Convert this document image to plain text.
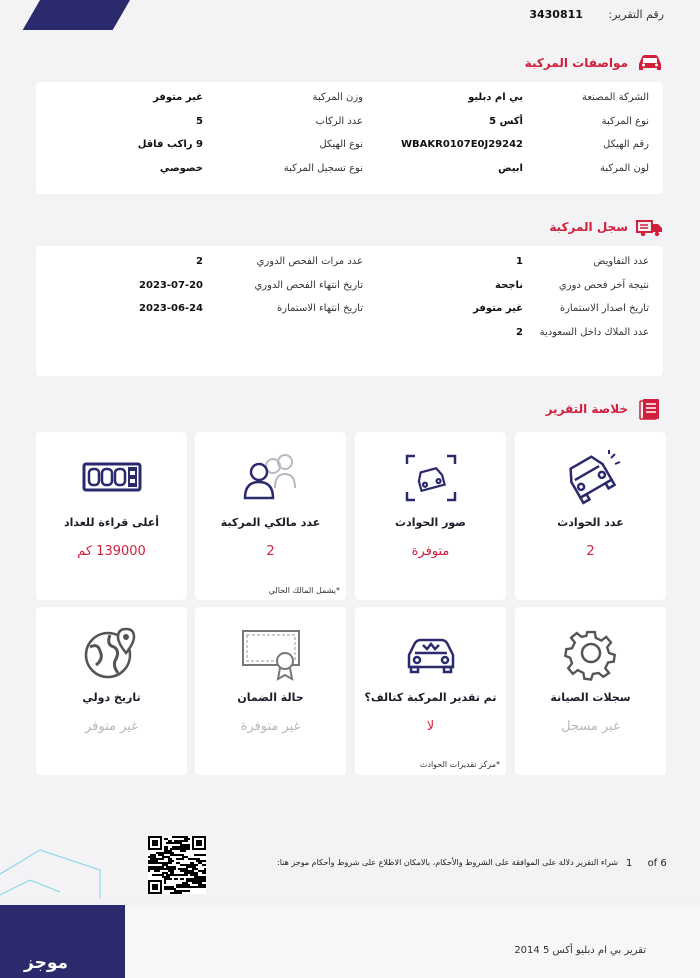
رقم التقرير: 3430811
مواصفات المركبة
الشركة المصنعة
بي ام دبليو
وزن المركبة
غير متوفر
نوع المركبة
أكس 5
عدد الركاب
5
رقم الهيكل
WBAKR0107E0J29242
نوع الهيكل
9 راكب فاقل
لون المركبة
ابيض
نوع تسجيل المركبة
خصوصي
سجل المركبة
عدد التفاويض
1
عدد مرات الفحص الدوري
2
نتيجة آخر فحص دوري
ناجحة
تاريخ انتهاء الفحص الدوري
2023-07-20
تاريخ اصدار الاستمارة
غير متوفر
تاريخ انتهاء الاستمارة
2023-06-24
عدد الملاك داخل السعودية
2
خلاصة التقرير
عدد الحوادث
2
صور الحوادث
متوفرة
عدد مالكي المركبة
2
أعلى قراءة للعداد
139000 كم
*يشمل المالك الحالي
سجلات الصيانة
غير مسجل
تم تقدير المركبة كتالف؟
لا
حالة الضمان
غير متوفرة
تاريخ دولي
غير متوفر
*مركز تقديرات الحوادث
شراء التقرير دلالة على الموافقة على الشروط والأحكام، بالامكان الاطلاع على شروط وأحكام موجز هنا: 1 of 6
موجز
تقرير بي ام دبليو أكس 5 2014
